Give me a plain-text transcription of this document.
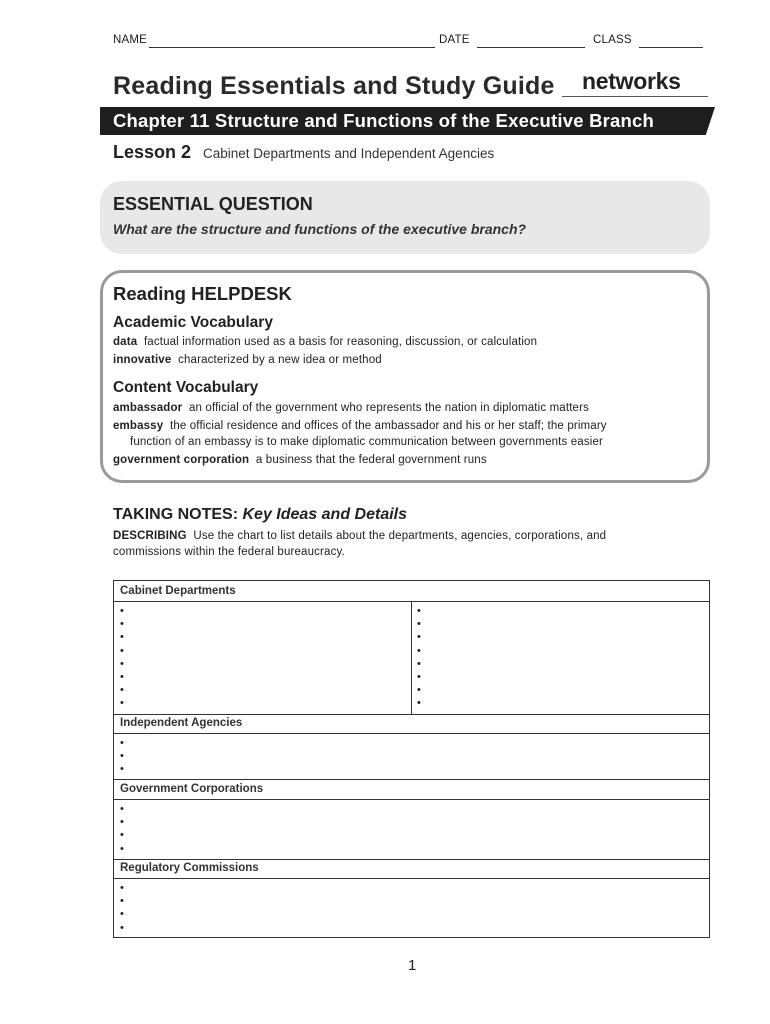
NAME	DATE	CLASS
Reading Essentials and Study Guide networks
Chapter 11 Structure and Functions of the Executive Branch
Lesson 2 Cabinet Departments and Independent Agencies
ESSENTIAL QUESTION
What are the structure and functions of the executive branch?
Reading HELPDESK
Academic Vocabulary
data factual information used as a basis for reasoning, discussion, or calculation
innovative characterized by a new idea or method
Content Vocabulary
ambassador an official of the government who represents the nation in diplomatic matters
embassy the official residence and offices of the ambassador and his or her staff; the primary
function of an embassy is to make diplomatic communication between governments easier
government corporation a business that the federal government runs
TAKING NOTES: Key Ideas and Details
DESCRIBING Use the chart to list details about the departments, agencies, corporations, and
commissions within the federal bureaucracy.
Cabinet Departments
•
•
•
•
•
•
•
•
•
•
•
•
•
•
•
•
Independent Agencies
•
•
•
Government Corporations
•
•
•
•
Regulatory Commissions
•
•
•
•
1
